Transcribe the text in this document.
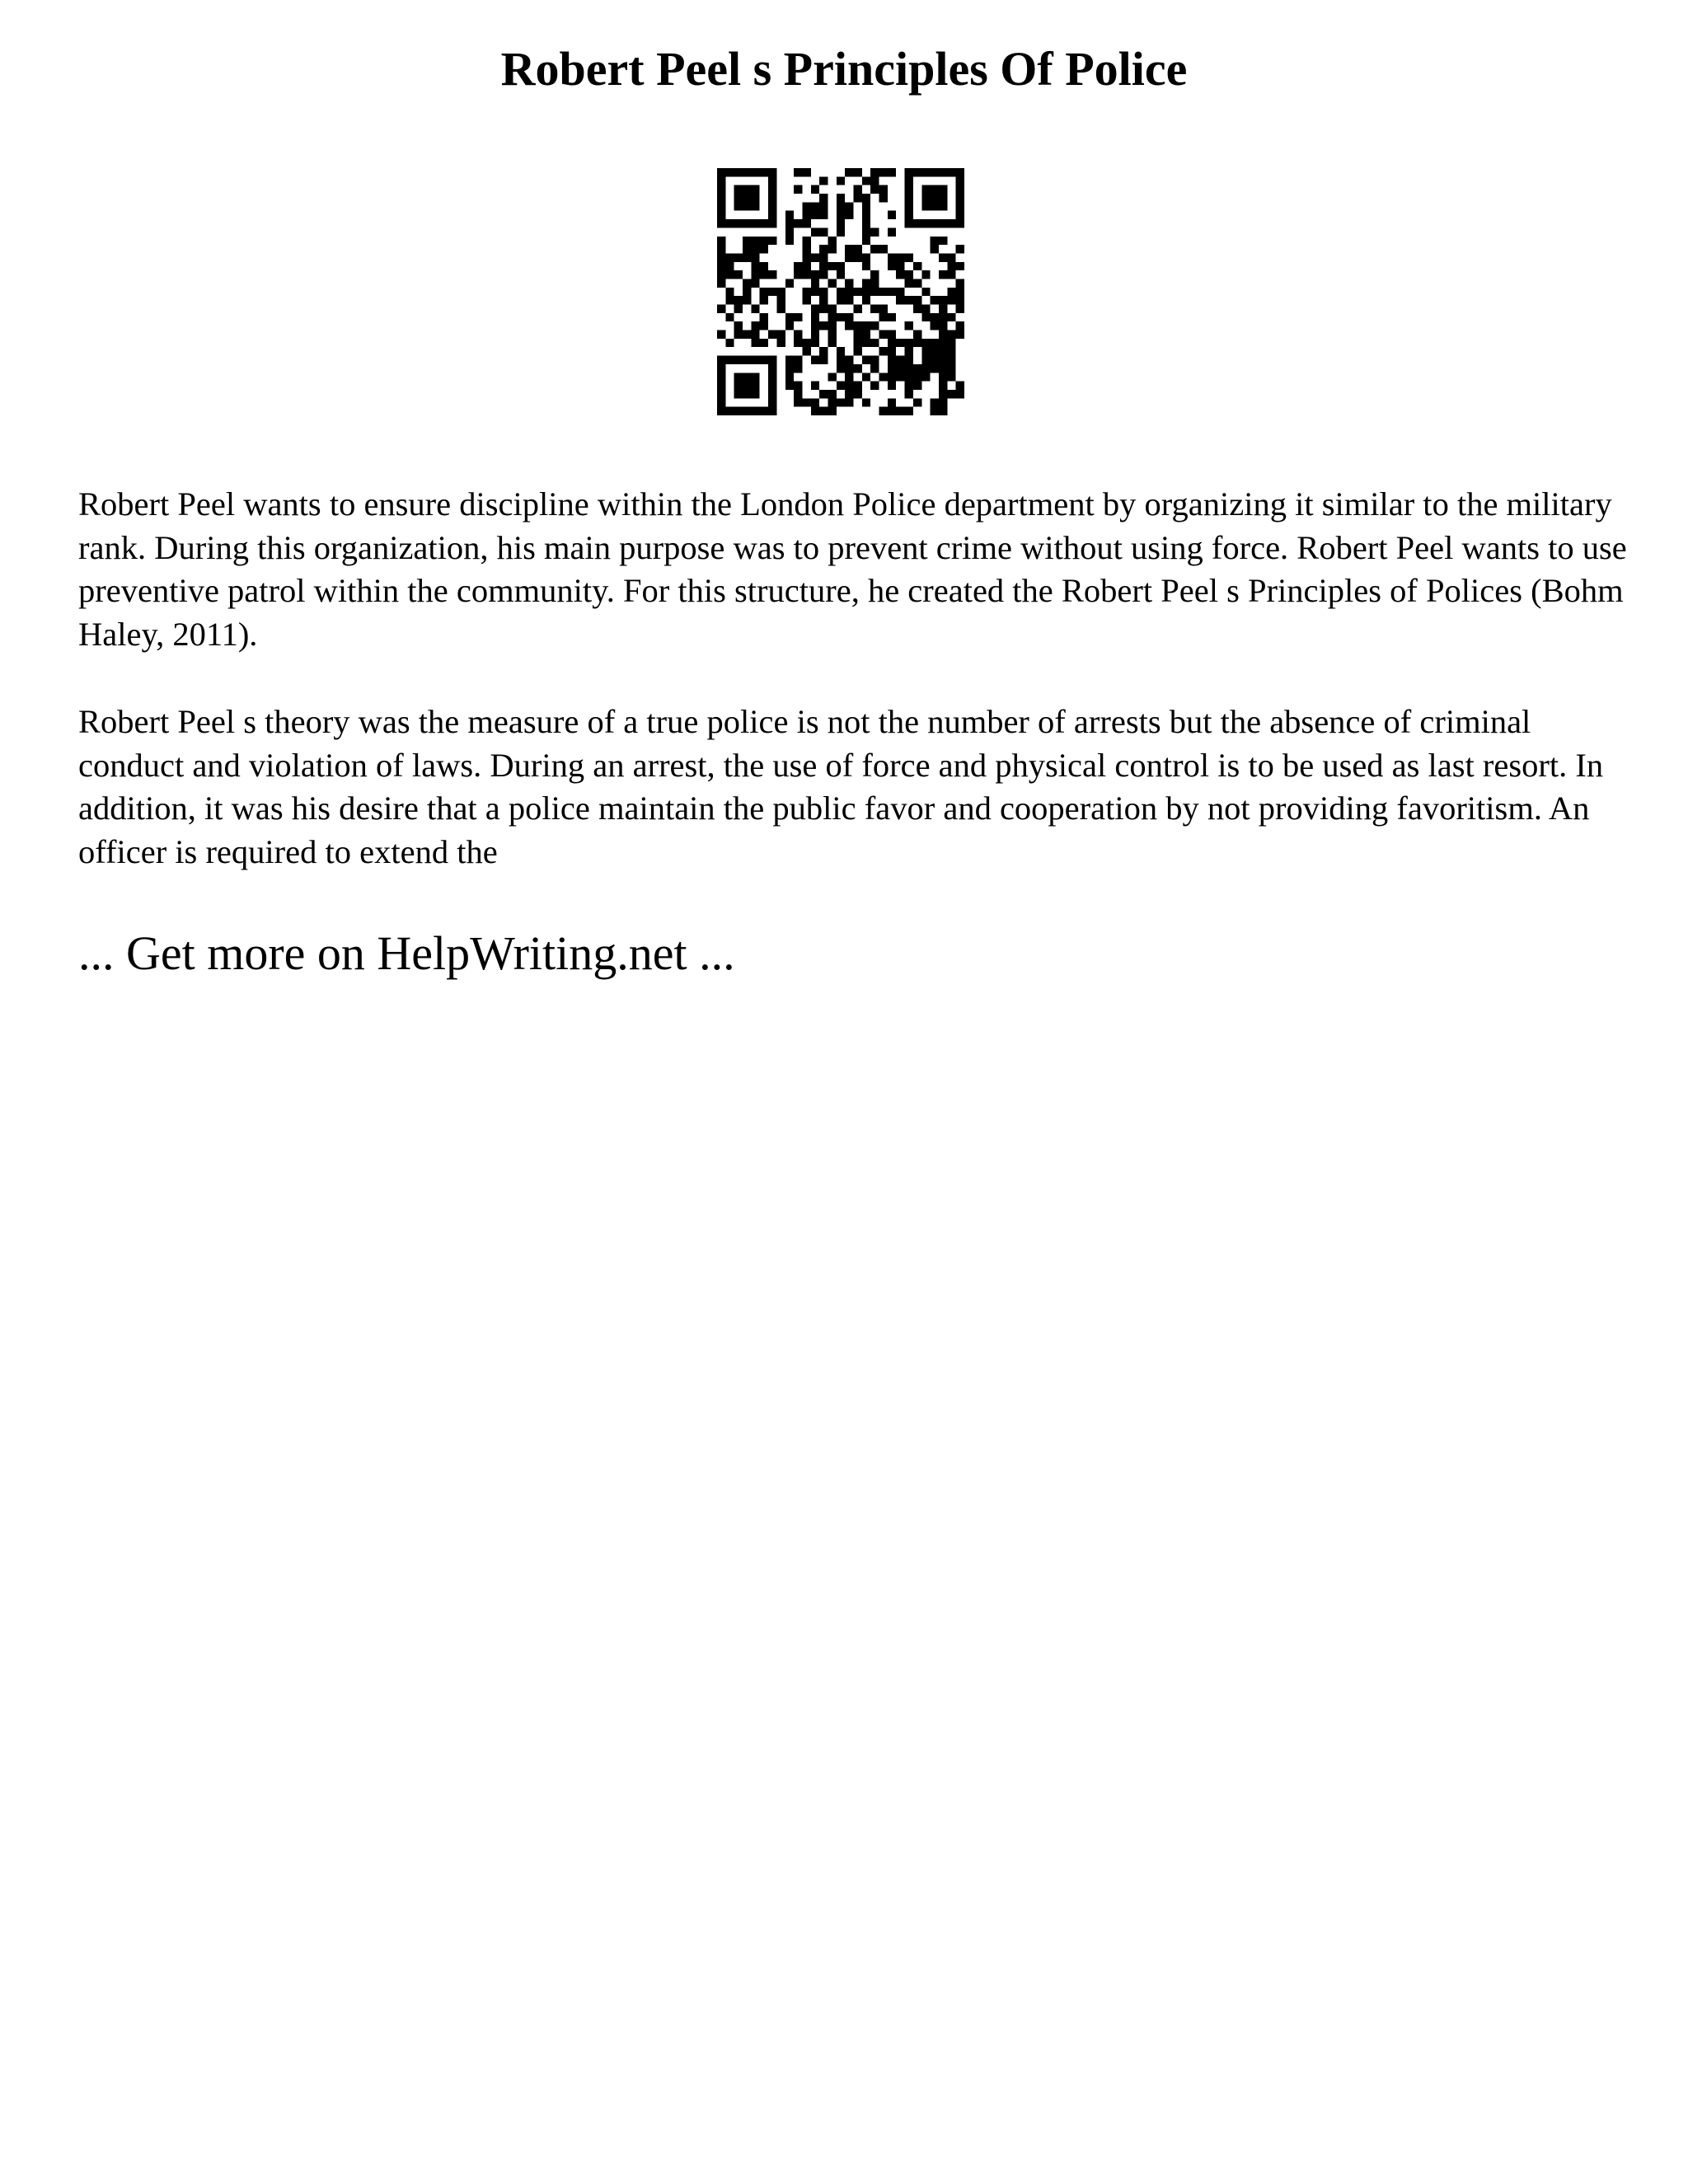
Robert Peel s Principles Of Police

Robert Peel wants to ensure discipline within the London Police department by organizing it similar to the military rank. During this organization, his main purpose was to prevent crime without using force. Robert Peel wants to use preventive patrol within the community. For this structure, he created the Robert Peel s Principles of Polices (Bohm Haley, 2011).

Robert Peel s theory was the measure of a true police is not the number of arrests but the absence of criminal conduct and violation of laws. During an arrest, the use of force and physical control is to be used as last resort. In addition, it was his desire that a police maintain the public favor and cooperation by not providing favoritism. An officer is required to extend the

... Get more on HelpWriting.net ...
